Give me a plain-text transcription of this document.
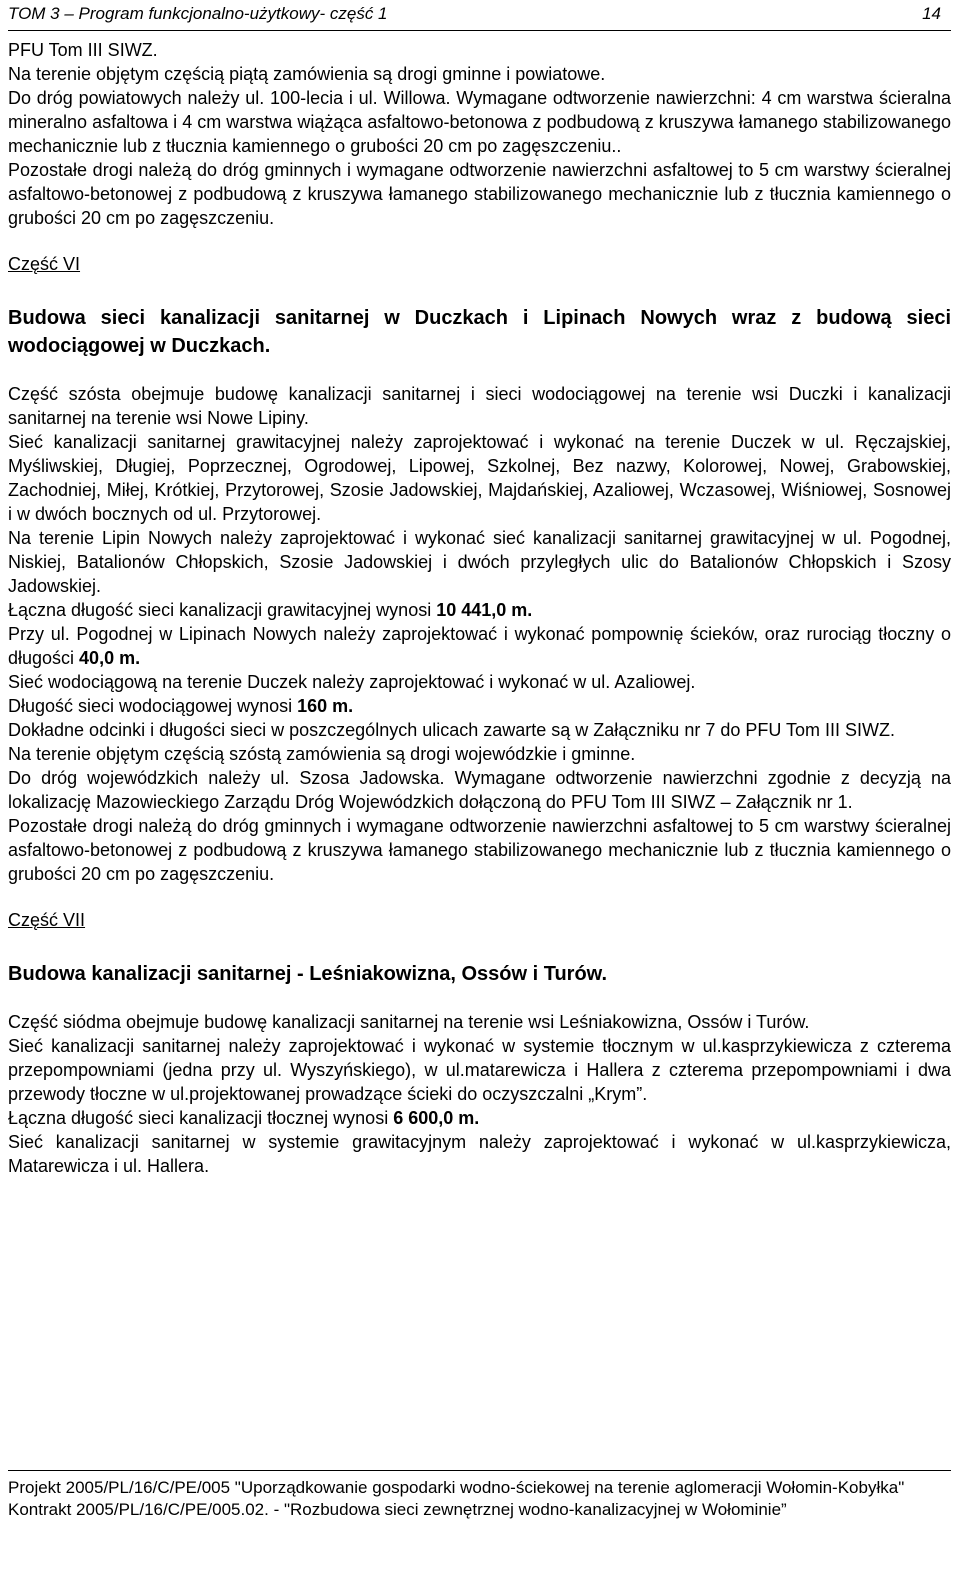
TOM 3 – Program funkcjonalno-użytkowy- część 1	14

PFU Tom III SIWZ.

Na terenie objętym częścią piątą zamówienia są drogi gminne i powiatowe.

Do dróg powiatowych należy ul. 100-lecia i ul. Willowa. Wymagane odtworzenie nawierzchni: 4 cm warstwa ścieralna mineralno asfaltowa i 4 cm warstwa wiążąca asfaltowo-betonowa z podbudową z kruszywa łamanego stabilizowanego mechanicznie lub z tłucznia kamiennego o grubości 20 cm po zagęszczeniu..

Pozostałe drogi należą do dróg gminnych i wymagane odtworzenie nawierzchni asfaltowej to 5 cm warstwy ścieralnej asfaltowo-betonowej z podbudową z kruszywa łamanego stabilizowanego mechanicznie lub z tłucznia kamiennego o grubości 20 cm po zagęszczeniu.

Część VI
Budowa sieci kanalizacji sanitarnej w Duczkach i Lipinach Nowych wraz z budową sieci wodociągowej w Duczkach.

Część szósta obejmuje budowę kanalizacji sanitarnej i sieci wodociągowej na terenie wsi Duczki i kanalizacji sanitarnej na terenie wsi Nowe Lipiny.

Sieć kanalizacji sanitarnej grawitacyjnej należy zaprojektować i wykonać na terenie Duczek w ul. Ręczajskiej, Myśliwskiej, Długiej, Poprzecznej, Ogrodowej, Lipowej, Szkolnej, Bez nazwy, Kolorowej, Nowej, Grabowskiej, Zachodniej, Miłej, Krótkiej, Przytorowej, Szosie Jadowskiej, Majdańskiej, Azaliowej, Wczasowej, Wiśniowej, Sosnowej i w dwóch bocznych od ul. Przytorowej.

Na terenie Lipin Nowych należy zaprojektować i wykonać sieć kanalizacji sanitarnej grawitacyjnej w ul. Pogodnej, Niskiej, Batalionów Chłopskich, Szosie Jadowskiej i dwóch przyległych ulic do Batalionów Chłopskich i Szosy Jadowskiej.

Łączna długość sieci kanalizacji grawitacyjnej wynosi 10 441,0 m.

Przy ul. Pogodnej w Lipinach Nowych należy zaprojektować i wykonać pompownię ścieków, oraz rurociąg tłoczny o długości 40,0 m.

Sieć wodociągową na terenie Duczek należy zaprojektować i wykonać w ul. Azaliowej.

Długość sieci wodociągowej wynosi 160 m.

Dokładne odcinki i długości sieci w poszczególnych ulicach zawarte są w Załączniku nr 7 do PFU Tom III SIWZ.

Na terenie objętym częścią szóstą zamówienia są drogi wojewódzkie i gminne.

Do dróg wojewódzkich należy ul. Szosa Jadowska. Wymagane odtworzenie nawierzchni zgodnie z decyzją na lokalizację Mazowieckiego Zarządu Dróg Wojewódzkich dołączoną do PFU Tom III SIWZ – Załącznik nr 1.

Pozostałe drogi należą do dróg gminnych i wymagane odtworzenie nawierzchni asfaltowej to 5 cm warstwy ścieralnej asfaltowo-betonowej z podbudową z kruszywa łamanego stabilizowanego mechanicznie lub z tłucznia kamiennego o grubości 20 cm po zagęszczeniu.

Część VII
Budowa kanalizacji sanitarnej - Leśniakowizna, Ossów i Turów.

Część siódma obejmuje budowę kanalizacji sanitarnej na terenie wsi Leśniakowizna, Ossów i Turów.

Sieć kanalizacji sanitarnej należy zaprojektować i wykonać w systemie tłocznym w ul.kasprzykiewicza z czterema przepompowniami (jedna przy ul. Wyszyńskiego), w ul.matarewicza i Hallera z czterema przepompowniami i dwa przewody tłoczne w ul.projektowanej prowadzące ścieki do oczyszczalni „Krym”.

Łączna długość sieci kanalizacji tłocznej wynosi 6 600,0 m.

Sieć kanalizacji sanitarnej w systemie grawitacyjnym należy zaprojektować i wykonać w ul.kasprzykiewicza, Matarewicza i ul. Hallera.

Projekt 2005/PL/16/C/PE/005 "Uporządkowanie gospodarki wodno-ściekowej na terenie aglomeracji Wołomin-Kobyłka"

Kontrakt 2005/PL/16/C/PE/005.02. - "Rozbudowa sieci zewnętrznej wodno-kanalizacyjnej w Wołominie”
